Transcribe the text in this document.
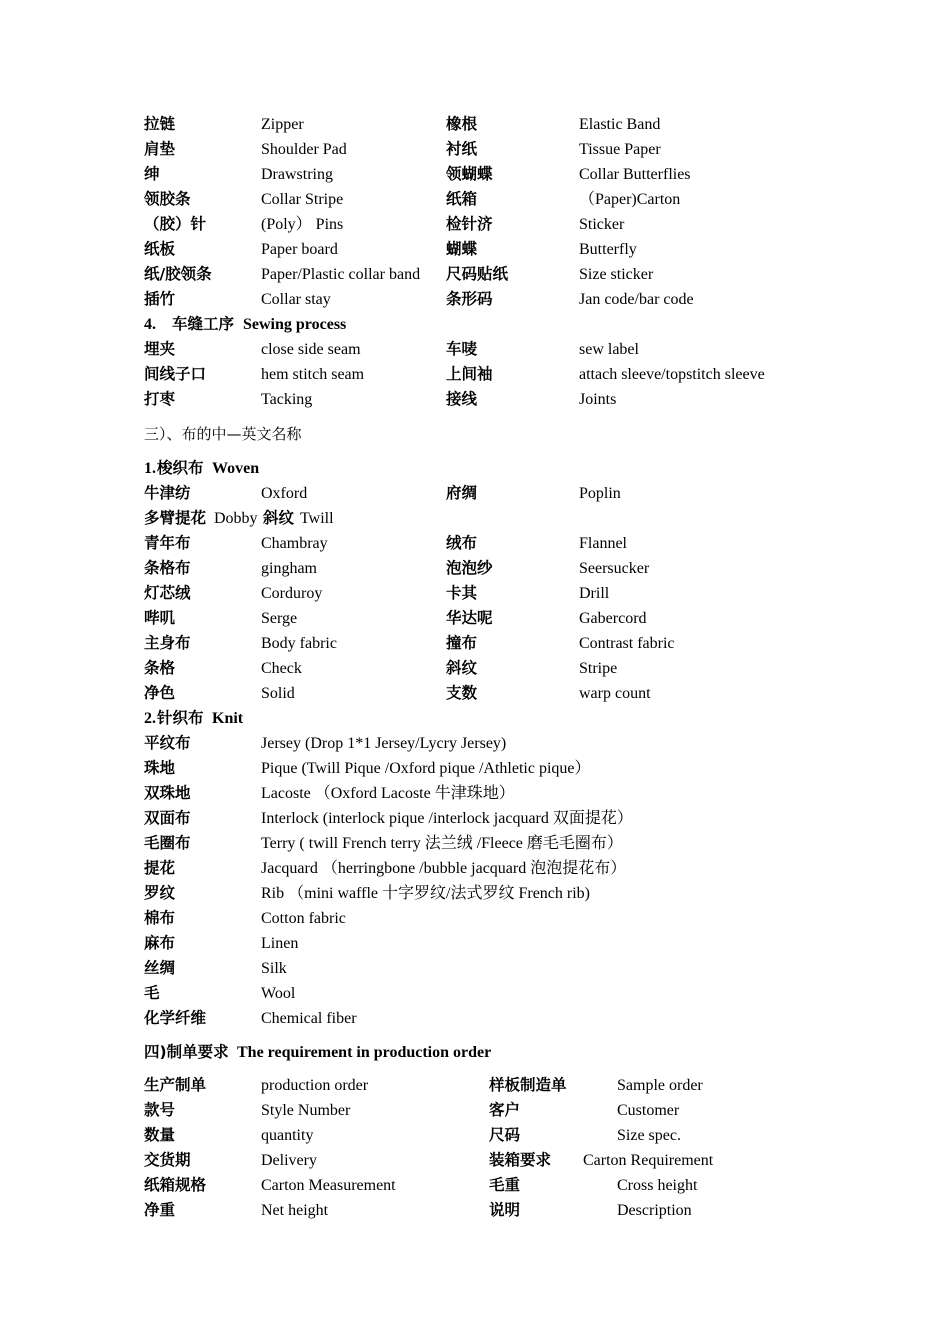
拉链	Zipper	橡根	Elastic Band
肩垫	Shoulder Pad	衬纸	Tissue Paper
绅	Drawstring	领蝴蝶	Collar Butterflies
领胶条	Collar Stripe	纸箱	（Paper)Carton
（胶）针	(Poly） Pins	检针济	Sticker
纸板	Paper board	蝴蝶	Butterfly
纸/胶领条	Paper/Plastic collar band 尺码贴纸	Size sticker
插竹	Collar stay	条形码	Jan code/bar code
4. 车缝工序 Sewing process
埋夹	close side seam	车唛	sew label
间线子口	hem stitch seam	上间袖	attach sleeve/topstitch sleeve
打枣	Tacking	接线	Joints
三）、布的中—英文名称
1. 梭织布 Woven
牛津纺	Oxford	府绸	Poplin
多臂提花 Dobby 斜纹 Twill
青年布	Chambray	绒布	Flannel
条格布	gingham	泡泡纱	Seersucker
灯芯绒	Corduroy	卡其	Drill
哔叽	Serge	华达呢	Gabercord
主身布	Body fabric	撞布	Contrast fabric
条格	Check	斜纹	Stripe
净色	Solid	支数	warp count
2. 针织布 Knit
平纹布	Jersey (Drop 1*1 Jersey/Lycry Jersey)
珠地	Pique (Twill Pique /Oxford pique /Athletic pique）
双珠地	Lacoste （Oxford Lacoste 牛津珠地）
双面布	Interlock (interlock pique /interlock jacquard 双面提花）
毛圈布	Terry ( twill French terry 法兰绒 /Fleece 磨毛毛圈布）
提花	Jacquard （herringbone /bubble jacquard 泡泡提花布）
罗纹	Rib （mini waffle 十字罗纹/法式罗纹 French rib)
棉布	Cotton fabric
麻布	Linen
丝绸	Silk
毛	Wool
化学纤维	Chemical fiber
四)制单要求 The requirement in production order
生产制单	production order	样板制造单	Sample order
款号	Style Number	客户	Customer
数量	quantity	尺码	Size spec.
交货期	Delivery	装箱要求 Carton Requirement
纸箱规格	Carton Measurement	毛重	Cross height
净重	Net height	说明	Description
